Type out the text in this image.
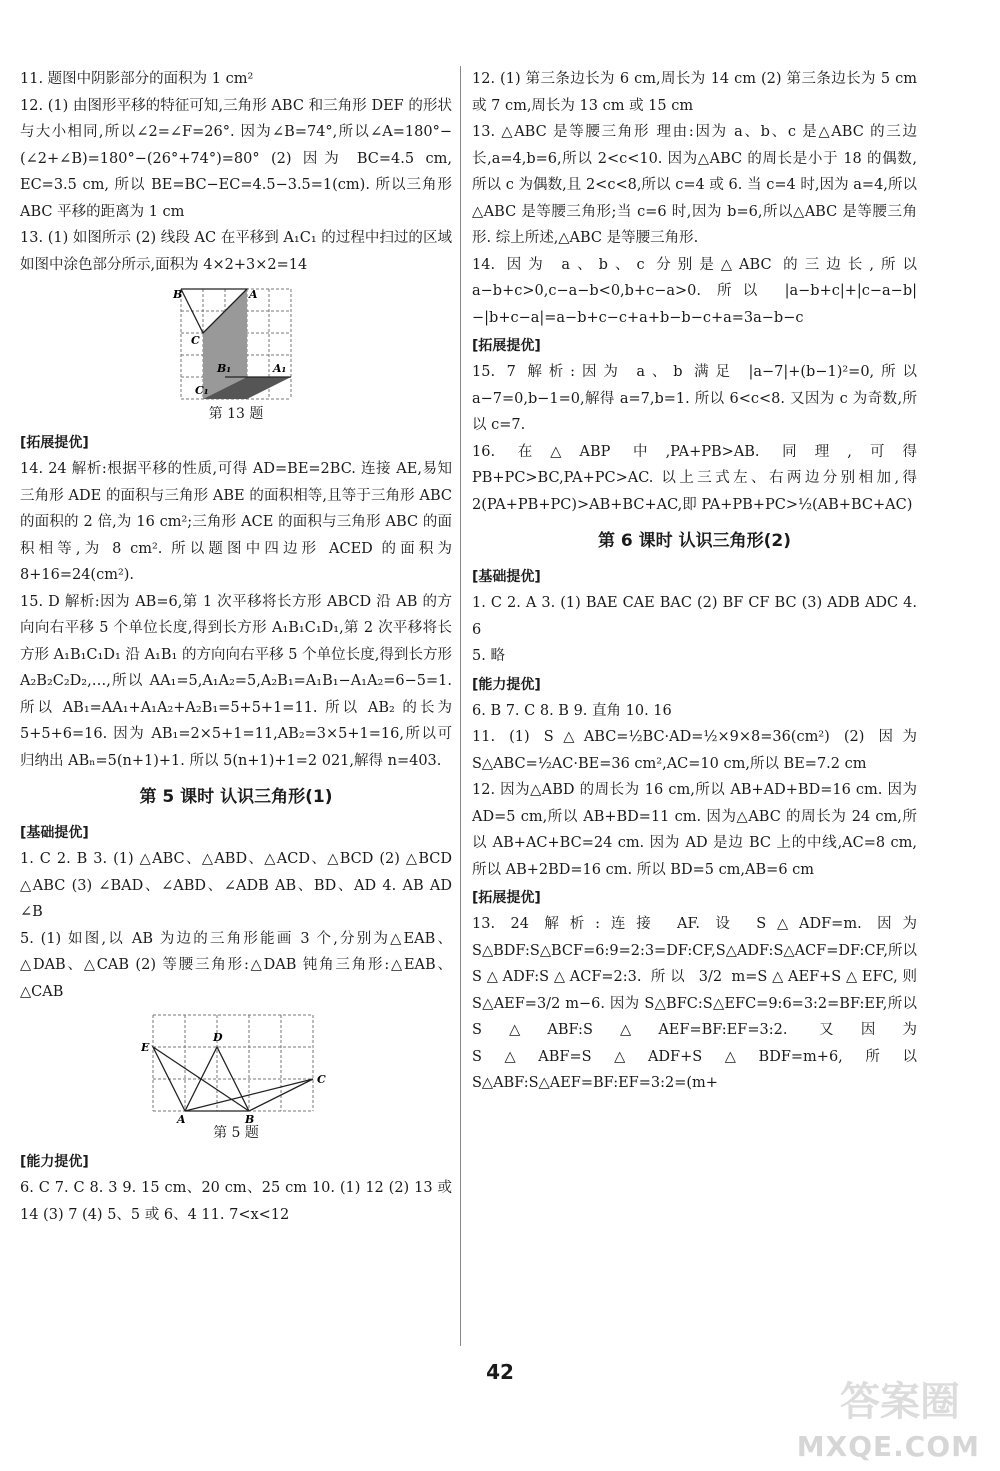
11. 题图中阴影部分的面积为 1 cm²

12. (1) 由图形平移的特征可知,三角形 ABC 和三角形 DEF 的形状与大小相同,所以∠2=∠F=26°. 因为∠B=74°,所以∠A=180°−(∠2+∠B)=180°−(26°+74°)=80° (2) 因为 BC=4.5 cm, EC=3.5 cm, 所以 BE=BC−EC=4.5−3.5=1(cm). 所以三角形 ABC 平移的距离为 1 cm

13. (1) 如图所示 (2) 线段 AC 在平移到 A₁C₁ 的过程中扫过的区域如图中涂色部分所示,面积为 4×2+3×2=14

B
C
B₁
A
A₁
C₁

第 13 题

[拓展提优]

14. 24 解析:根据平移的性质,可得 AD=BE=2BC. 连接 AE,易知三角形 ADE 的面积与三角形 ABE 的面积相等,且等于三角形 ABC 的面积的 2 倍,为 16 cm²;三角形 ACE 的面积与三角形 ABC 的面积相等,为 8 cm². 所以题图中四边形 ACED 的面积为 8+16=24(cm²).

15. D 解析:因为 AB=6,第 1 次平移将长方形 ABCD 沿 AB 的方向向右平移 5 个单位长度,得到长方形 A₁B₁C₁D₁,第 2 次平移将长方形 A₁B₁C₁D₁ 沿 A₁B₁ 的方向向右平移 5 个单位长度,得到长方形 A₂B₂C₂D₂,…,所以 AA₁=5,A₁A₂=5,A₂B₁=A₁B₁−A₁A₂=6−5=1. 所以 AB₁=AA₁+A₁A₂+A₂B₁=5+5+1=11. 所以 AB₂ 的长为 5+5+6=16. 因为 AB₁=2×5+1=11,AB₂=3×5+1=16,所以可归纳出 ABₙ=5(n+1)+1. 所以 5(n+1)+1=2 021,解得 n=403.

第 5 课时 认识三角形(1)

[基础提优]

1. C 2. B 3. (1) △ABC、△ABD、△ACD、△BCD (2) △BCD △ABC (3) ∠BAD、∠ABD、∠ADB AB、BD、AD 4. AB AD ∠B

5. (1) 如图,以 AB 为边的三角形能画 3 个,分别为△EAB、△DAB、△CAB (2) 等腰三角形:△DAB 钝角三角形:△EAB、△CAB

E
D
C
A	B

第 5 题

[能力提优]

6. C 7. C 8. 3 9. 15 cm、20 cm、25 cm 10. (1) 12 (2) 13 或 14 (3) 7 (4) 5、5 或 6、4 11. 7<x<12

12. (1) 第三条边长为 6 cm,周长为 14 cm (2) 第三条边长为 5 cm 或 7 cm,周长为 13 cm 或 15 cm

13. △ABC 是等腰三角形 理由:因为 a、b、c 是△ABC 的三边长,a=4,b=6,所以 2<c<10. 因为△ABC 的周长是小于 18 的偶数,所以 c 为偶数,且 2<c<8,所以 c=4 或 6. 当 c=4 时,因为 a=4,所以△ABC 是等腰三角形;当 c=6 时,因为 b=6,所以△ABC 是等腰三角形. 综上所述,△ABC 是等腰三角形.

14. 因为 a、b、c 分别是△ABC 的三边长,所以 a−b+c>0,c−a−b<0,b+c−a>0. 所以 |a−b+c|+|c−a−b|−|b+c−a|=a−b+c−c+a+b−b−c+a=3a−b−c

[拓展提优]

15. 7 解析:因为 a、b 满足 |a−7|+(b−1)²=0,所以 a−7=0,b−1=0,解得 a=7,b=1. 所以 6<c<8. 又因为 c 为奇数,所以 c=7.

16. 在△ABP 中,PA+PB>AB. 同理,可得 PB+PC>BC,PA+PC>AC. 以上三式左、右两边分别相加,得 2(PA+PB+PC)>AB+BC+AC,即 PA+PB+PC>½(AB+BC+AC)

第 6 课时 认识三角形(2)

[基础提优]

1. C 2. A 3. (1) BAE CAE BAC (2) BF CF BC (3) ADB ADC 4. 6

5. 略

[能力提优]

6. B 7. C 8. B 9. 直角 10. 16

11. (1) S△ABC=½BC·AD=½×9×8=36(cm²) (2) 因为 S△ABC=½AC·BE=36 cm²,AC=10 cm,所以 BE=7.2 cm

12. 因为△ABD 的周长为 16 cm,所以 AB+AD+BD=16 cm. 因为 AD=5 cm,所以 AB+BD=11 cm. 因为△ABC 的周长为 24 cm,所以 AB+AC+BC=24 cm. 因为 AD 是边 BC 上的中线,AC=8 cm,所以 AB+2BD=16 cm. 所以 BD=5 cm,AB=6 cm

[拓展提优]

13. 24 解析:连接 AF. 设 S△ADF=m. 因为 S△BDF:S△BCF=6:9=2:3=DF:CF,S△ADF:S△ACF=DF:CF,所以 S△ADF:S△ACF=2:3. 所以 3/2 m=S△AEF+S△EFC,则 S△AEF=3/2 m−6. 因为 S△BFC:S△EFC=9:6=3:2=BF:EF,所以 S△ABF:S△AEF=BF:EF=3:2. 又因为 S△ABF=S△ADF+S△BDF=m+6,所以 S△ABF:S△AEF=BF:EF=3:2=(m+

42
答案圈
MXQE.COM
